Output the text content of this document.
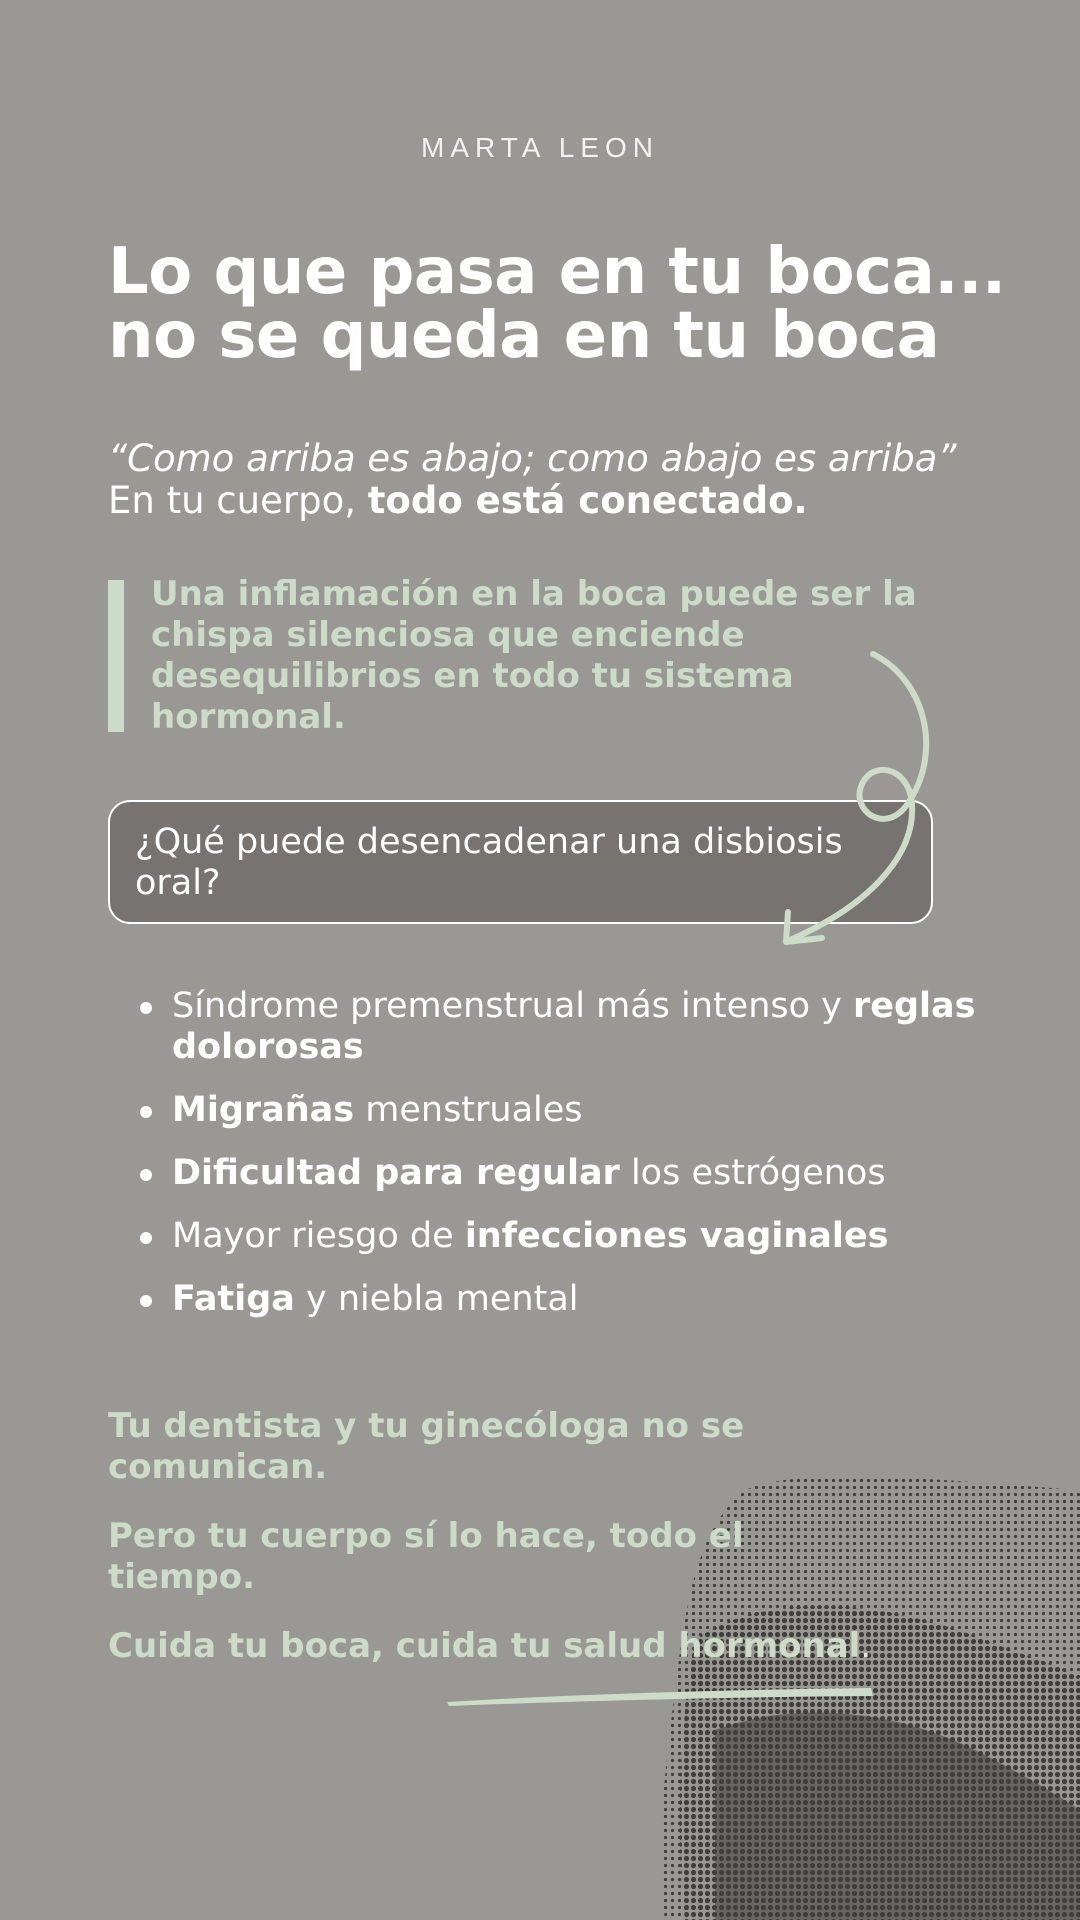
MARTA LEON
Lo que pasa en tu boca...
no se queda en tu boca
“Como arriba es abajo; como abajo es arriba”
En tu cuerpo, todo está conectado.
Una inflamación en la boca puede ser la chispa silenciosa que enciende desequilibrios en todo tu sistema hormonal.
¿Qué puede desencadenar una disbiosis oral?
Síndrome premenstrual más intenso y reglas dolorosas
Migrañas menstruales
Dificultad para regular los estrógenos
Mayor riesgo de infecciones vaginales
Fatiga y niebla mental

Tu dentista y tu ginecóloga no se comunican.

Pero tu cuerpo sí lo hace, todo el tiempo.

Cuida tu boca, cuida tu salud hormonal.
